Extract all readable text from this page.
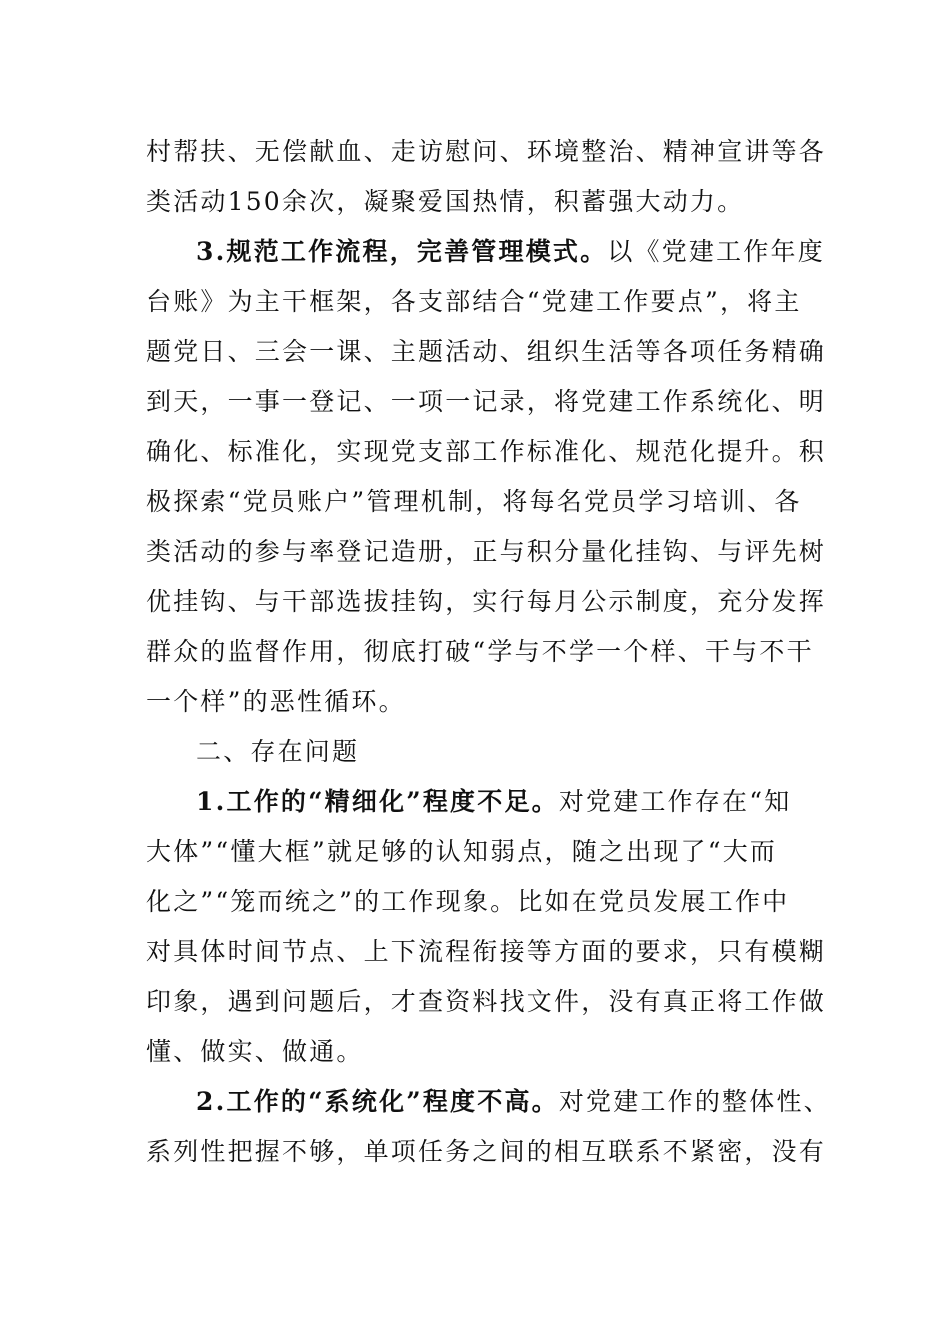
村帮扶、无偿献血、走访慰问、环境整治、精神宣讲等各
类活动150余次，凝聚爱国热情，积蓄强大动力。
3.规范工作流程，完善管理模式。以《党建工作年度
台账》为主干框架，各支部结合“党建工作要点”，将主
题党日、三会一课、主题活动、组织生活等各项任务精确
到天，一事一登记、一项一记录，将党建工作系统化、明
确化、标准化，实现党支部工作标准化、规范化提升。积
极探索“党员账户”管理机制，将每名党员学习培训、各
类活动的参与率登记造册，正与积分量化挂钩、与评先树
优挂钩、与干部选拔挂钩，实行每月公示制度，充分发挥
群众的监督作用，彻底打破“学与不学一个样、干与不干
一个样”的恶性循环。
二、存在问题
1.工作的“精细化”程度不足。对党建工作存在“知
大体”“懂大框”就足够的认知弱点，随之出现了“大而
化之”“笼而统之”的工作现象。比如在党员发展工作中
对具体时间节点、上下流程衔接等方面的要求，只有模糊
印象，遇到问题后，才查资料找文件，没有真正将工作做
懂、做实、做通。
2.工作的“系统化”程度不高。对党建工作的整体性、
系列性把握不够，单项任务之间的相互联系不紧密，没有
